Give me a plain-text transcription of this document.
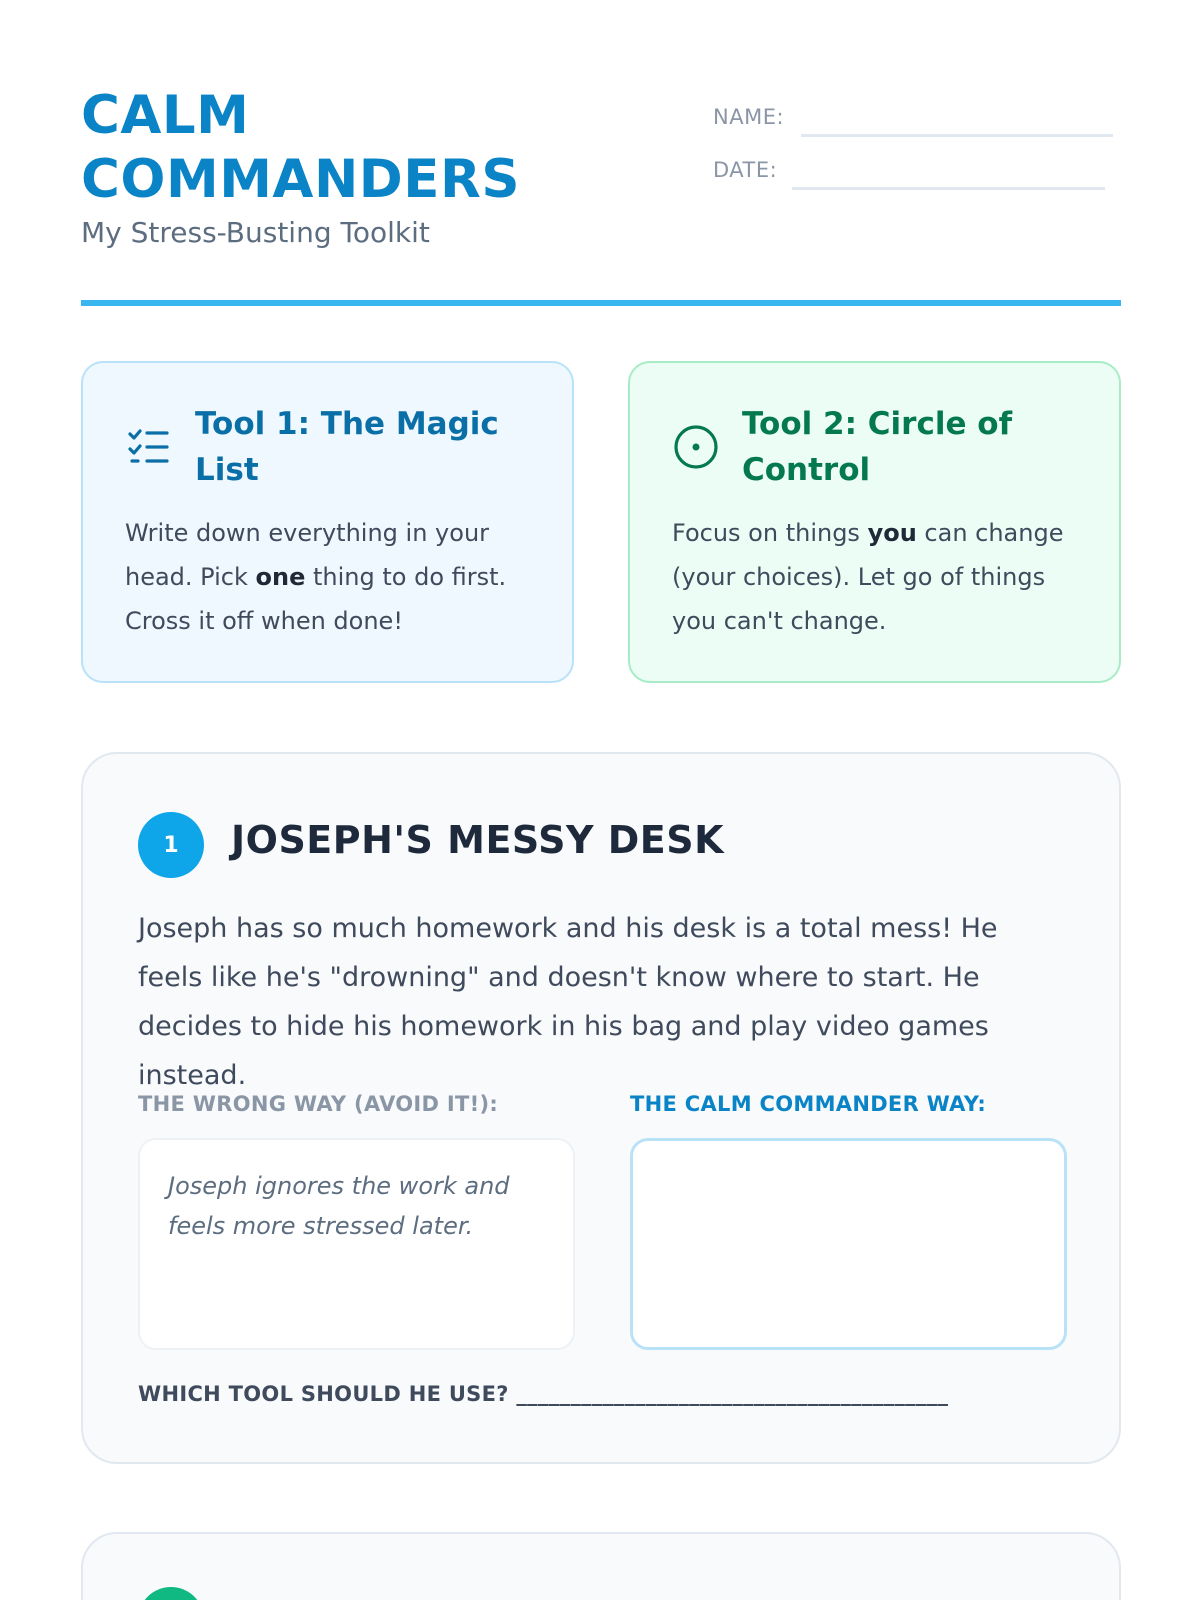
CALM
COMMANDERS
My Stress-Busting Toolkit
NAME:
DATE:
Tool 1: The Magic List
Write down everything in your head. Pick one thing to do first. Cross it off when done!
Tool 2: Circle of Control
Focus on things you can change (your choices). Let go of things you can't change.
1	JOSEPH'S MESSY DESK
Joseph has so much homework and his desk is a total mess! He feels like he's "drowning" and doesn't know where to start. He decides to hide his homework in his bag and play video games instead.
THE WRONG WAY (AVOID IT!):	THE CALM COMMANDER WAY:
Joseph ignores the work and feels more stressed later.
WHICH TOOL SHOULD HE USE? ________________________________________
